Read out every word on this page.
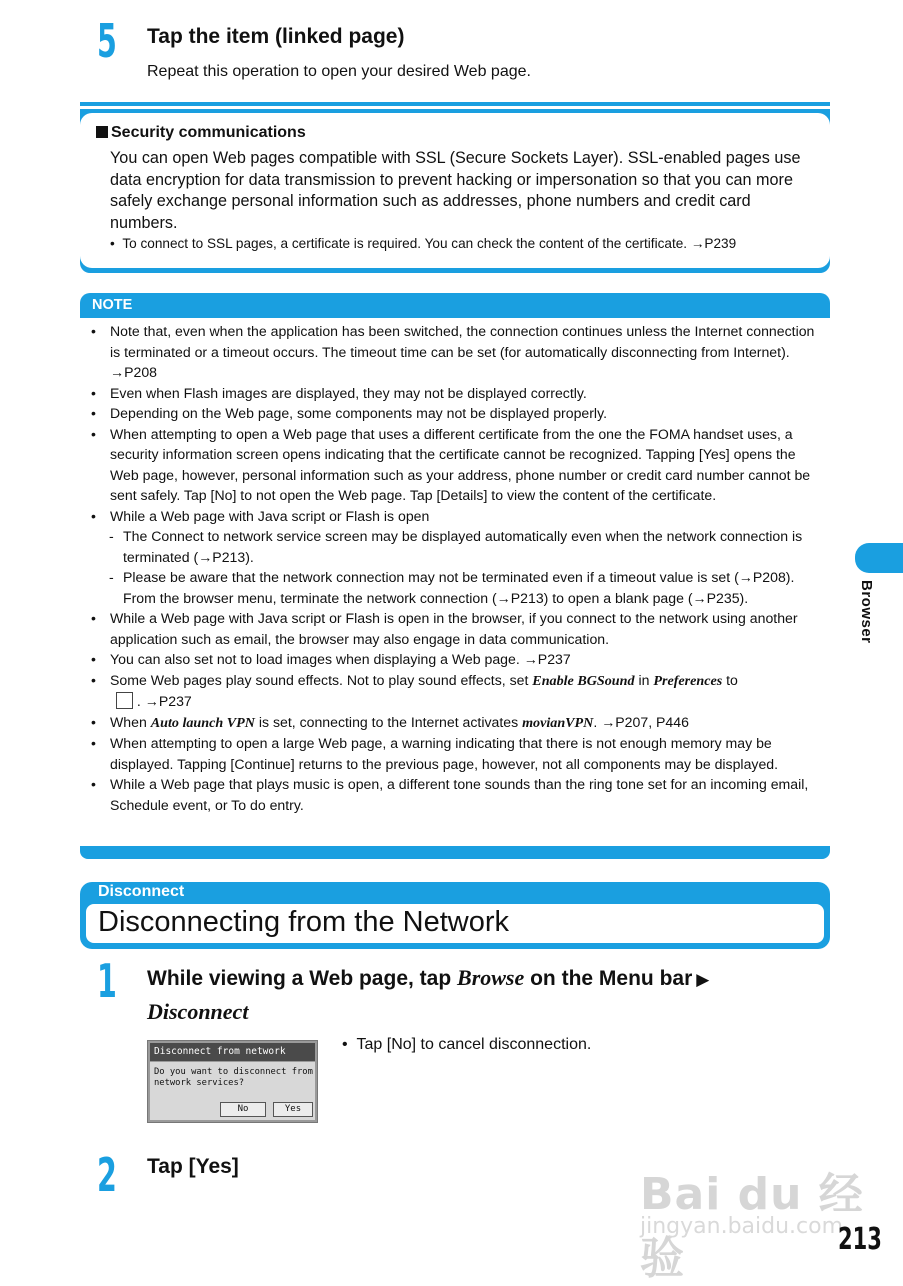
5 Tap the item (linked page)
Repeat this operation to open your desired Web page.
Security communications
You can open Web pages compatible with SSL (Secure Sockets Layer). SSL-enabled pages use data encryption for data transmission to prevent hacking or impersonation so that you can more safely exchange personal information such as addresses, phone numbers and credit card numbers.
• To connect to SSL pages, a certificate is required. You can check the content of the certificate. →P239
NOTE
• Note that, even when the application has been switched, the connection continues unless the Internet connection is terminated or a timeout occurs. The timeout time can be set (for automatically disconnecting from Internet). →P208
• Even when Flash images are displayed, they may not be displayed correctly.
• Depending on the Web page, some components may not be displayed properly.
• When attempting to open a Web page that uses a different certificate from the one the FOMA handset uses, a security information screen opens indicating that the certificate cannot be recognized. Tapping [Yes] opens the Web page, however, personal information such as your address, phone number or credit card number cannot be sent safely. Tap [No] to not open the Web page. Tap [Details] to view the content of the certificate.
• While a Web page with Java script or Flash is open
- The Connect to network service screen may be displayed automatically even when the network connection is terminated (→P213).
- Please be aware that the network connection may not be terminated even if a timeout value is set (→P208). From the browser menu, terminate the network connection (→P213) to open a blank page (→P235).
• While a Web page with Java script or Flash is open in the browser, if you connect to the network using another application such as email, the browser may also engage in data communication.
• You can also set not to load images when displaying a Web page. →P237
• Some Web pages play sound effects. Not to play sound effects, set Enable BGSound in Preferences to
. →P237
• When Auto launch VPN is set, connecting to the Internet activates movianVPN. →P207, P446
• When attempting to open a large Web page, a warning indicating that there is not enough memory may be displayed. Tapping [Continue] returns to the previous page, however, not all components may be displayed.
• While a Web page that plays music is open, a different tone sounds than the ring tone set for an incoming email, Schedule event, or To do entry.
Disconnect
Disconnecting from the Network
1 While viewing a Web page, tap Browse on the Menu bar ▶
Disconnect
Disconnect from network
Do you want to disconnect from
network services?
No	Yes
• Tap [No] to cancel disconnection.
2 Tap [Yes]
Browser
Bai du 经验
jingyan.baidu.com
213
